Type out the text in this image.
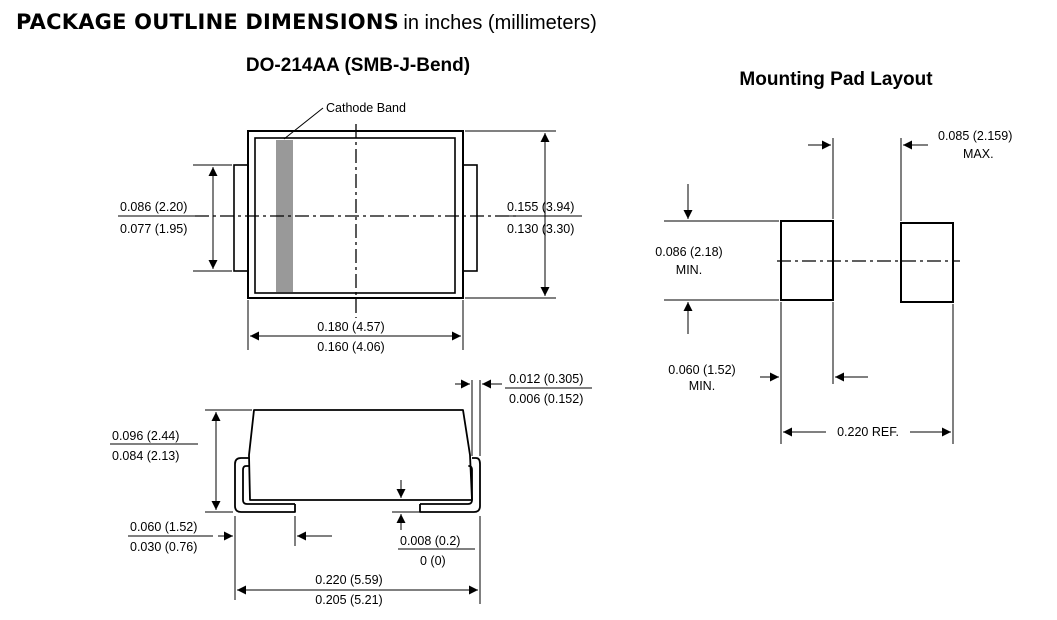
PACKAGE OUTLINE DIMENSIONS in inches (millimeters)
DO-214AA (SMB-J-Bend)
Mounting Pad Layout
Cathode Band
0.086 (2.20)
0.077 (1.95)
0.155 (3.94)
0.130 (3.30)
0.180 (4.57)
0.160 (4.06)
0.096 (2.44)
0.084 (2.13)
0.012 (0.305)
0.006 (0.152)
0.060 (1.52)
0.030 (0.76)	0.008 (0.2)
0 (0)
0.220 (5.59)
0.205 (5.21)
0.085 (2.159)
MAX.
0.086 (2.18)
MIN.
0.060 (1.52)
MIN.
0.220 REF.
